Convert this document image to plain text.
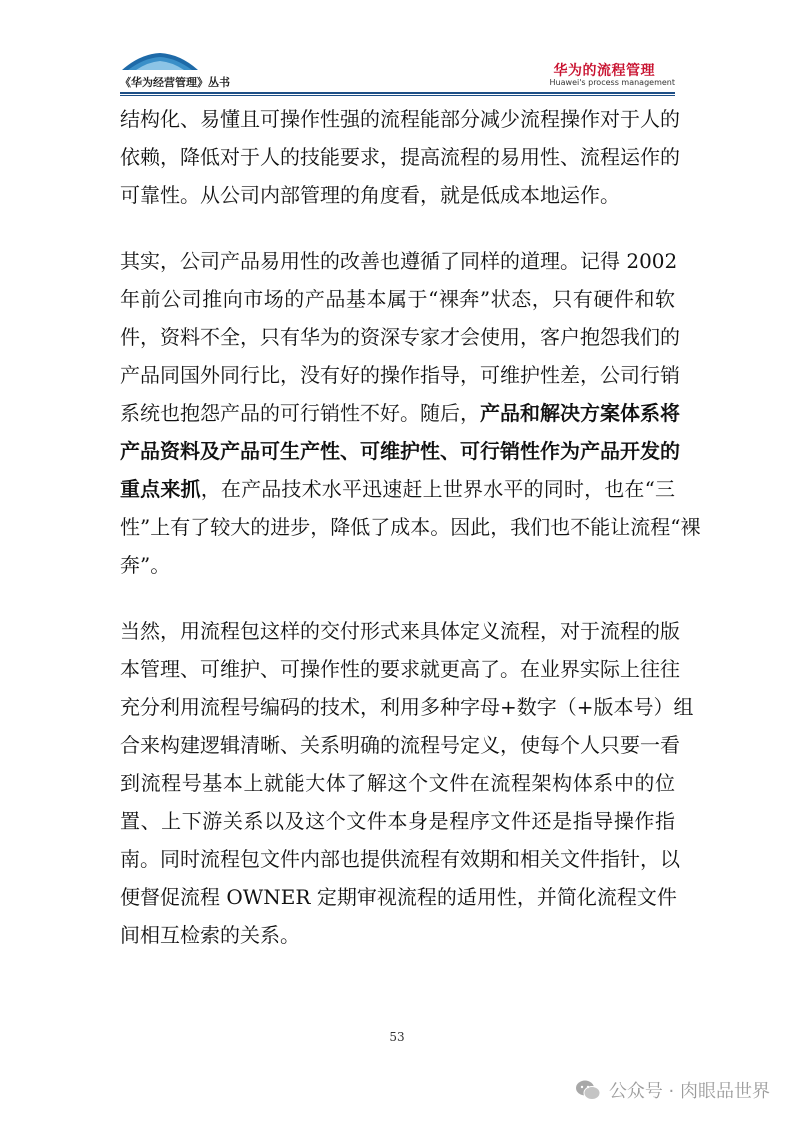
《华为经营管理》丛书
华为的流程管理
Huawei's process management

结构化、易懂且可操作性强的流程能部分减少流程操作对于人的
依赖，降低对于人的技能要求，提高流程的易用性、流程运作的
可靠性。从公司内部管理的角度看，就是低成本地运作。

其实，公司产品易用性的改善也遵循了同样的道理。记得 2002
年前公司推向市场的产品基本属于“裸奔”状态，只有硬件和软
件，资料不全，只有华为的资深专家才会使用，客户抱怨我们的
产品同国外同行比，没有好的操作指导，可维护性差，公司行销
系统也抱怨产品的可行销性不好。随后，产品和解决方案体系将
产品资料及产品可生产性、可维护性、可行销性作为产品开发的
重点来抓，在产品技术水平迅速赶上世界水平的同时，也在“三
性”上有了较大的进步，降低了成本。因此，我们也不能让流程“裸
奔”。

当然，用流程包这样的交付形式来具体定义流程，对于流程的版
本管理、可维护、可操作性的要求就更高了。在业界实际上往往
充分利用流程号编码的技术，利用多种字母+数字（+版本号）组
合来构建逻辑清晰、关系明确的流程号定义，使每个人只要一看
到流程号基本上就能大体了解这个文件在流程架构体系中的位
置、上下游关系以及这个文件本身是程序文件还是指导操作指
南。同时流程包文件内部也提供流程有效期和相关文件指针，以
便督促流程 OWNER 定期审视流程的适用性，并简化流程文件
间相互检索的关系。

53
公众号 · 肉眼品世界
